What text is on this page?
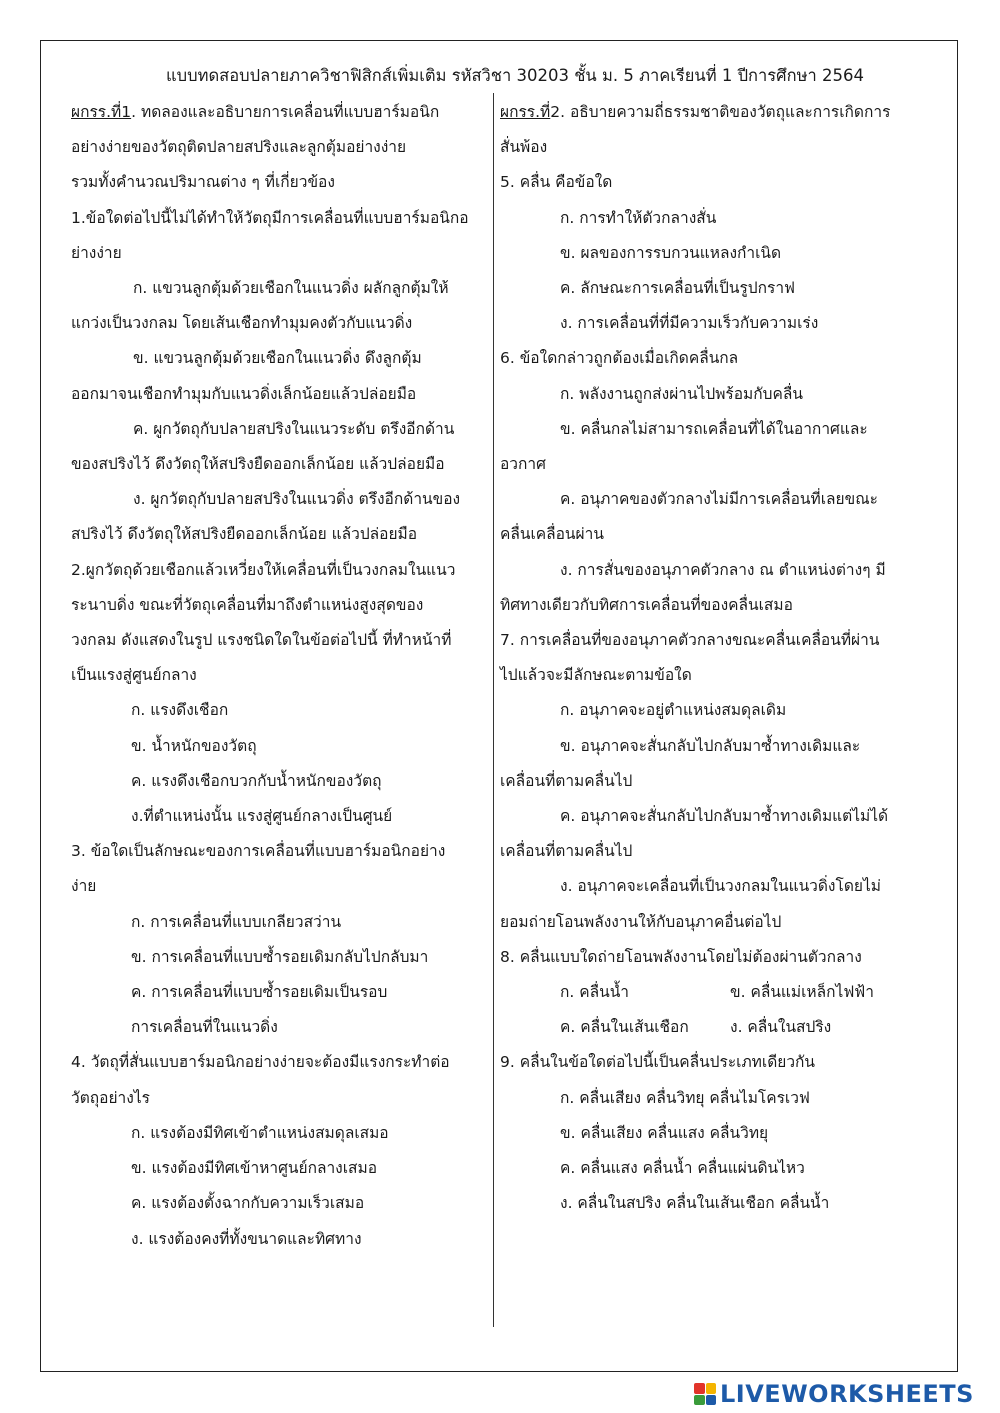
แบบทดสอบปลายภาควิชาฟิสิกส์เพิ่มเติม รหัสวิชา 30203 ชั้น ม. 5 ภาคเรียนที่ 1 ปีการศึกษา 2564

ผกรร.ที่1. ทดลองและอธิบายการเคลื่อนที่แบบฮาร์มอนิก

อย่างง่ายของวัตถุติดปลายสปริงและลูกตุ้มอย่างง่าย

รวมทั้งคำนวณปริมาณต่าง ๆ ที่เกี่ยวข้อง

1.ข้อใดต่อไปนี้ไม่ได้ทำให้วัตถุมีการเคลื่อนที่แบบฮาร์มอนิกอ

ย่างง่าย

ก. แขวนลูกตุ้มด้วยเชือกในแนวดิ่ง ผลักลูกตุ้มให้

แกว่งเป็นวงกลม โดยเส้นเชือกทำมุมคงตัวกับแนวดิ่ง

ข. แขวนลูกตุ้มด้วยเชือกในแนวดิ่ง ดึงลูกตุ้ม

ออกมาจนเชือกทำมุมกับแนวดิ่งเล็กน้อยแล้วปล่อยมือ

ค. ผูกวัตถุกับปลายสปริงในแนวระดับ ตรึงอีกด้าน

ของสปริงไว้ ดึงวัตถุให้สปริงยืดออกเล็กน้อย แล้วปล่อยมือ

ง. ผูกวัตถุกับปลายสปริงในแนวดิ่ง ตรึงอีกด้านของ

สปริงไว้ ดึงวัตถุให้สปริงยืดออกเล็กน้อย แล้วปล่อยมือ

2.ผูกวัตถุด้วยเชือกแล้วเหวี่ยงให้เคลื่อนที่เป็นวงกลมในแนว

ระนาบดิ่ง ขณะที่วัตถุเคลื่อนที่มาถึงตำแหน่งสูงสุดของ

วงกลม ดังแสดงในรูป แรงชนิดใดในข้อต่อไปนี้ ที่ทำหน้าที่

เป็นแรงสู่ศูนย์กลาง

ก. แรงดึงเชือก

ข. น้ำหนักของวัตถุ

ค. แรงดึงเชือกบวกกับน้ำหนักของวัตถุ

ง.ที่ตำแหน่งนั้น แรงสู่ศูนย์กลางเป็นศูนย์

3. ข้อใดเป็นลักษณะของการเคลื่อนที่แบบฮาร์มอนิกอย่าง

ง่าย

ก. การเคลื่อนที่แบบเกลียวสว่าน

ข. การเคลื่อนที่แบบซ้ำรอยเดิมกลับไปกลับมา

ค. การเคลื่อนที่แบบซ้ำรอยเดิมเป็นรอบ

การเคลื่อนที่ในแนวดิ่ง

4. วัตถุที่สั่นแบบฮาร์มอนิกอย่างง่ายจะต้องมีแรงกระทำต่อ

วัตถุอย่างไร

ก. แรงต้องมีทิศเข้าตำแหน่งสมดุลเสมอ

ข. แรงต้องมีทิศเข้าหาศูนย์กลางเสมอ

ค. แรงต้องตั้งฉากกับความเร็วเสมอ

ง. แรงต้องคงที่ทั้งขนาดและทิศทาง

ผกรร.ที่2. อธิบายความถี่ธรรมชาติของวัตถุและการเกิดการ

สั่นพ้อง

5. คลื่น คือข้อใด

ก. การทำให้ตัวกลางสั่น

ข. ผลของการรบกวนแหลงกำเนิด

ค. ลักษณะการเคลื่อนที่เป็นรูปกราฟ

ง. การเคลื่อนที่ที่มีความเร็วกับความเร่ง

6. ข้อใดกล่าวถูกต้องเมื่อเกิดคลื่นกล

ก. พลังงานถูกส่งผ่านไปพร้อมกับคลื่น

ข. คลื่นกลไม่สามารถเคลื่อนที่ได้ในอากาศและ

อวกาศ

ค. อนุภาคของตัวกลางไม่มีการเคลื่อนที่เลยขณะ

คลื่นเคลื่อนผ่าน

ง. การสั่นของอนุภาคตัวกลาง ณ ตำแหน่งต่างๆ มี

ทิศทางเดียวกับทิศการเคลื่อนที่ของคลื่นเสมอ

7. การเคลื่อนที่ของอนุภาคตัวกลางขณะคลื่นเคลื่อนที่ผ่าน

ไปแล้วจะมีลักษณะตามข้อใด

ก. อนุภาคจะอยู่ตำแหน่งสมดุลเดิม

ข. อนุภาคจะสั่นกลับไปกลับมาซ้ำทางเดิมและ

เคลื่อนที่ตามคลื่นไป

ค. อนุภาคจะสั่นกลับไปกลับมาซ้ำทางเดิมแต่ไม่ได้

เคลื่อนที่ตามคลื่นไป

ง. อนุภาคจะเคลื่อนที่เป็นวงกลมในแนวดิ่งโดยไม่

ยอมถ่ายโอนพลังงานให้กับอนุภาคอื่นต่อไป

8. คลื่นแบบใดถ่ายโอนพลังงานโดยไม่ต้องผ่านตัวกลาง

ก. คลื่นน้ำ	ข. คลื่นแม่เหล็กไฟฟ้า

ค. คลื่นในเส้นเชือก	ง. คลื่นในสปริง

9. คลื่นในข้อใดต่อไปนี้เป็นคลื่นประเภทเดียวกัน

ก. คลื่นเสียง คลื่นวิทยุ คลื่นไมโครเวฟ

ข. คลื่นเสียง คลื่นแสง คลื่นวิทยุ

ค. คลื่นแสง คลื่นน้ำ คลื่นแผ่นดินไหว

ง. คลื่นในสปริง คลื่นในเส้นเชือก คลื่นน้ำ

LIVEWORKSHEETS
